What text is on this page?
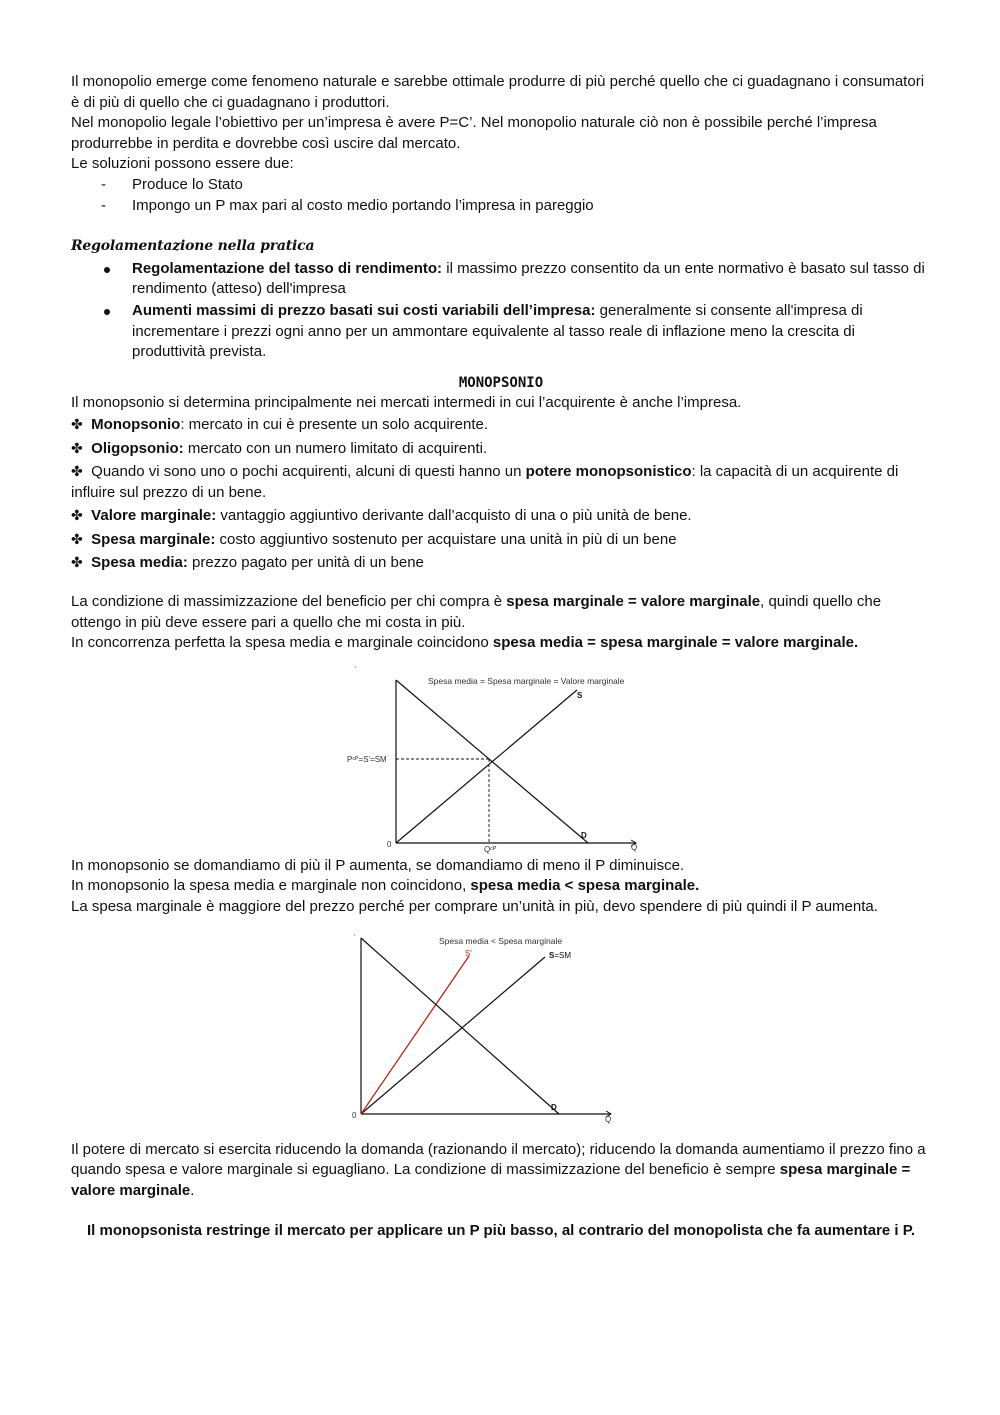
Il monopolio emerge come fenomeno naturale e sarebbe ottimale produrre di più perché quello che ci guadagnano i consumatori è di più di quello che ci guadagnano i produttori.

Nel monopolio legale l’obiettivo per un’impresa è avere P=C’. Nel monopolio naturale ciò non è possibile perché l’impresa produrrebbe in perdita e dovrebbe così uscire dal mercato.

Le soluzioni possono essere due:

- Produce lo Stato
- Impongo un P max pari al costo medio portando l’impresa in pareggio

Regolamentazione nella pratica

Regolamentazione del tasso di rendimento: il massimo prezzo consentito da un ente normativo è basato sul tasso di rendimento (atteso) dell'impresa
Aumenti massimi di prezzo basati sui costi variabili dell’impresa: generalmente si consente all'impresa di incrementare i prezzi ogni anno per un ammontare equivalente al tasso reale di inflazione meno la crescita di produttività prevista.

MONOPSONIO

Il monopsonio si determina principalmente nei mercati intermedi in cui l’acquirente è anche l’impresa.

✤ Monopsonio: mercato in cui è presente un solo acquirente.

✤ Oligopsonio: mercato con un numero limitato di acquirenti.

✤ Quando vi sono uno o pochi acquirenti, alcuni di questi hanno un potere monopsonistico: la capacità di un acquirente di influire sul prezzo di un bene.

✤ Valore marginale: vantaggio aggiuntivo derivante dall’acquisto di una o più unità de bene.

✤ Spesa marginale: costo aggiuntivo sostenuto per acquistare una unità in più di un bene

✤ Spesa media: prezzo pagato per unità di un bene

La condizione di massimizzazione del beneficio per chi compra è spesa marginale = valore marginale, quindi quello che ottengo in più deve essere pari a quello che mi costa in più.

In concorrenza perfetta la spesa media e marginale coincidono spesa media = spesa marginale = valore marginale.

'
Spesa media = Spesa marginale = Valore marginale
S
D
Pᶜᴾ=S'=SM
Qᶜᴾ
0	Q

In monopsonio se domandiamo di più il P aumenta, se domandiamo di meno il P diminuisce.

In monopsonio la spesa media e marginale non coincidono, spesa media < spesa marginale.

La spesa marginale è maggiore del prezzo perché per comprare un’unità in più, devo spendere di più quindi il P aumenta.

'	Spesa media < Spesa marginale
S'	S=SM
D
0	Q

Il potere di mercato si esercita riducendo la domanda (razionando il mercato); riducendo la domanda aumentiamo il prezzo fino a quando spesa e valore marginale si eguagliano. La condizione di massimizzazione del beneficio è sempre spesa marginale = valore marginale.

Il monopsonista restringe il mercato per applicare un P più basso, al contrario del monopolista che fa aumentare i P.
